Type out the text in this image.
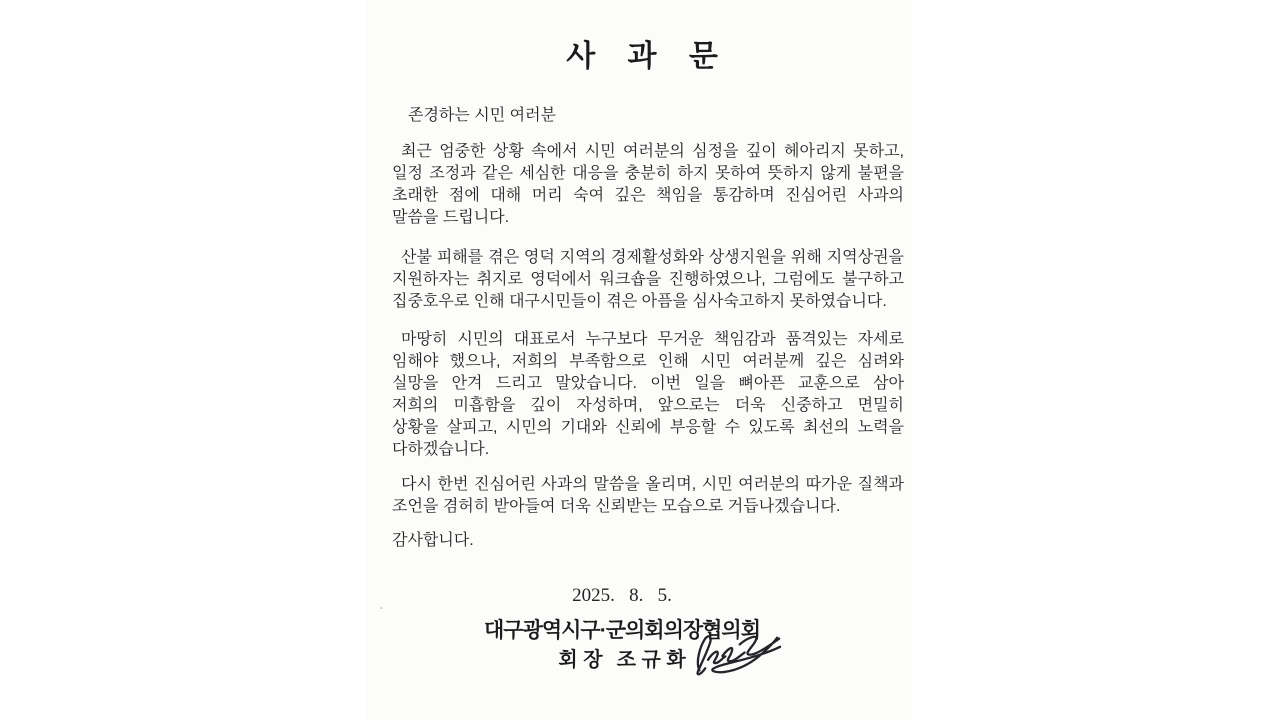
사 과 문
존경하는 시민 여러분

최근 엄중한 상황 속에서 시민 여러분의 심정을 깊이 헤아리지 못하고,
일정 조정과 같은 세심한 대응을 충분히 하지 못하여 뜻하지 않게 불편을
초래한 점에 대해 머리 숙여 깊은 책임을 통감하며 진심어린 사과의
말씀을 드립니다.

산불 피해를 겪은 영덕 지역의 경제활성화와 상생지원을 위해 지역상권을
지원하자는 취지로 영덕에서 워크숍을 진행하였으나, 그럼에도 불구하고
집중호우로 인해 대구시민들이 겪은 아픔을 심사숙고하지 못하였습니다.

마땅히 시민의 대표로서 누구보다 무거운 책임감과 품격있는 자세로
임해야 했으나, 저희의 부족함으로 인해 시민 여러분께 깊은 심려와
실망을 안겨 드리고 말았습니다. 이번 일을 뼈아픈 교훈으로 삼아
저희의 미흡함을 깊이 자성하며, 앞으로는 더욱 신중하고 면밀히
상황을 살피고, 시민의 기대와 신뢰에 부응할 수 있도록 최선의 노력을
다하겠습니다.

다시 한번 진심어린 사과의 말씀을 올리며, 시민 여러분의 따가운 질책과
조언을 겸허히 받아들여 더욱 신뢰받는 모습으로 거듭나겠습니다.

감사합니다.
2025.   8.   5.
대구광역시구·군의회의장협의회
회 장 조 규 화
